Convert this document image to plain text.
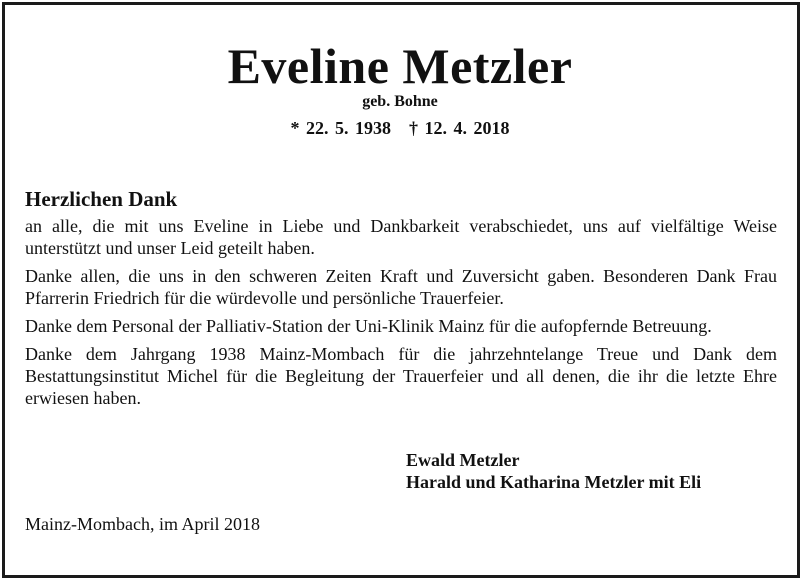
Eveline Metzler
geb. Bohne
* 22. 5. 1938 † 12. 4. 2018
Herzlichen Dank

an alle, die mit uns Eveline in Liebe und Dankbarkeit verabschiedet, uns auf vielfältige Weise unterstützt und unser Leid geteilt haben.

Danke allen, die uns in den schweren Zeiten Kraft und Zuversicht gaben. Besonderen Dank Frau Pfarrerin Friedrich für die würdevolle und persönliche Trauerfeier.

Danke dem Personal der Palliativ-Station der Uni-Klinik Mainz für die aufopfernde Betreuung.

Danke dem Jahrgang 1938 Mainz-Mombach für die jahrzehntelange Treue und Dank dem Bestattungsinstitut Michel für die Begleitung der Trauerfeier und all denen, die ihr die letzte Ehre erwiesen haben.

Ewald Metzler
Harald und Katharina Metzler mit Eli
Mainz-Mombach, im April 2018
